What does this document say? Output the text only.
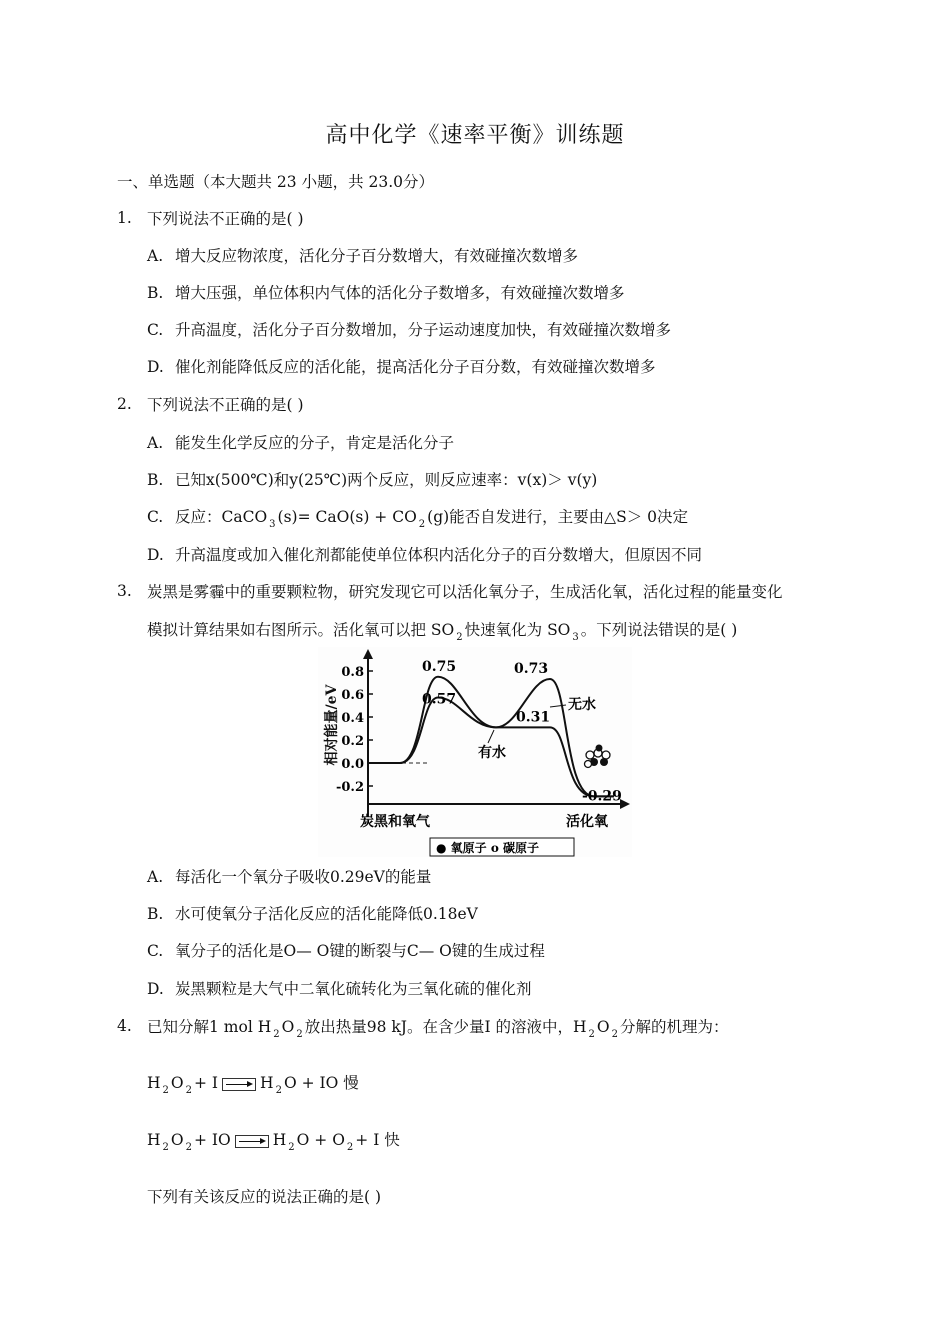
高中化学《速率平衡》训练题
一、单选题（本大题共 23 小题，共 23.0分）
1. 下列说法不正确的是( )
A. 增大反应物浓度，活化分子百分数增大，有效碰撞次数增多
B. 增大压强，单位体积内气体的活化分子数增多，有效碰撞次数增多
C. 升高温度，活化分子百分数增加，分子运动速度加快，有效碰撞次数增多
D. 催化剂能降低反应的活化能，提高活化分子百分数，有效碰撞次数增多
2. 下列说法不正确的是( )
A. 能发生化学反应的分子，肯定是活化分子
B. 已知x(500℃)和y(25℃)两个反应，则反应速率：v(x)＞ v(y)
C. 反应：CaCO $_3$ (s)= CaO(s) + CO $_2$ (g)能否自发进行，主要由△S＞ 0决定
D. 升高温度或加入催化剂都能使单位体积内活化分子的百分数增大，但原因不同
3. 炭黑是雾霾中的重要颗粒物，研究发现它可以活化氧分子，生成活化氧，活化过程的能量变化
模拟计算结果如右图所示。活化氧可以把 SO $_2$ 快速氧化为 SO $_3$ 。下列说法错误的是( )
相对能量/eV
0.8
0.6
0.4
0.2
0.0
-0.2
0.75
0.57
0.73
0.31
-0.29
无水
有水
炭黑和氧气	活化氧
● 氧原子 o 碳原子
A. 每活化一个氧分子吸收0.29eV的能量
B. 水可使氧分子活化反应的活化能降低0.18eV
C. 氧分子的活化是O— O键的断裂与C— O键的生成过程
D. 炭黑颗粒是大气中二氧化硫转化为三氧化硫的催化剂
4. 已知分解1 mol H $_2$ O $_2$ 放出热量98 kJ。在含少量I 的溶液中，H $_2$ O $_2$ 分解的机理为：
H $_2$ O $_2$ + I → H $_2$ O + IO 慢
H $_2$ O $_2$ + IO → H $_2$ O + O $_2$ + I 快
下列有关该反应的说法正确的是( )
